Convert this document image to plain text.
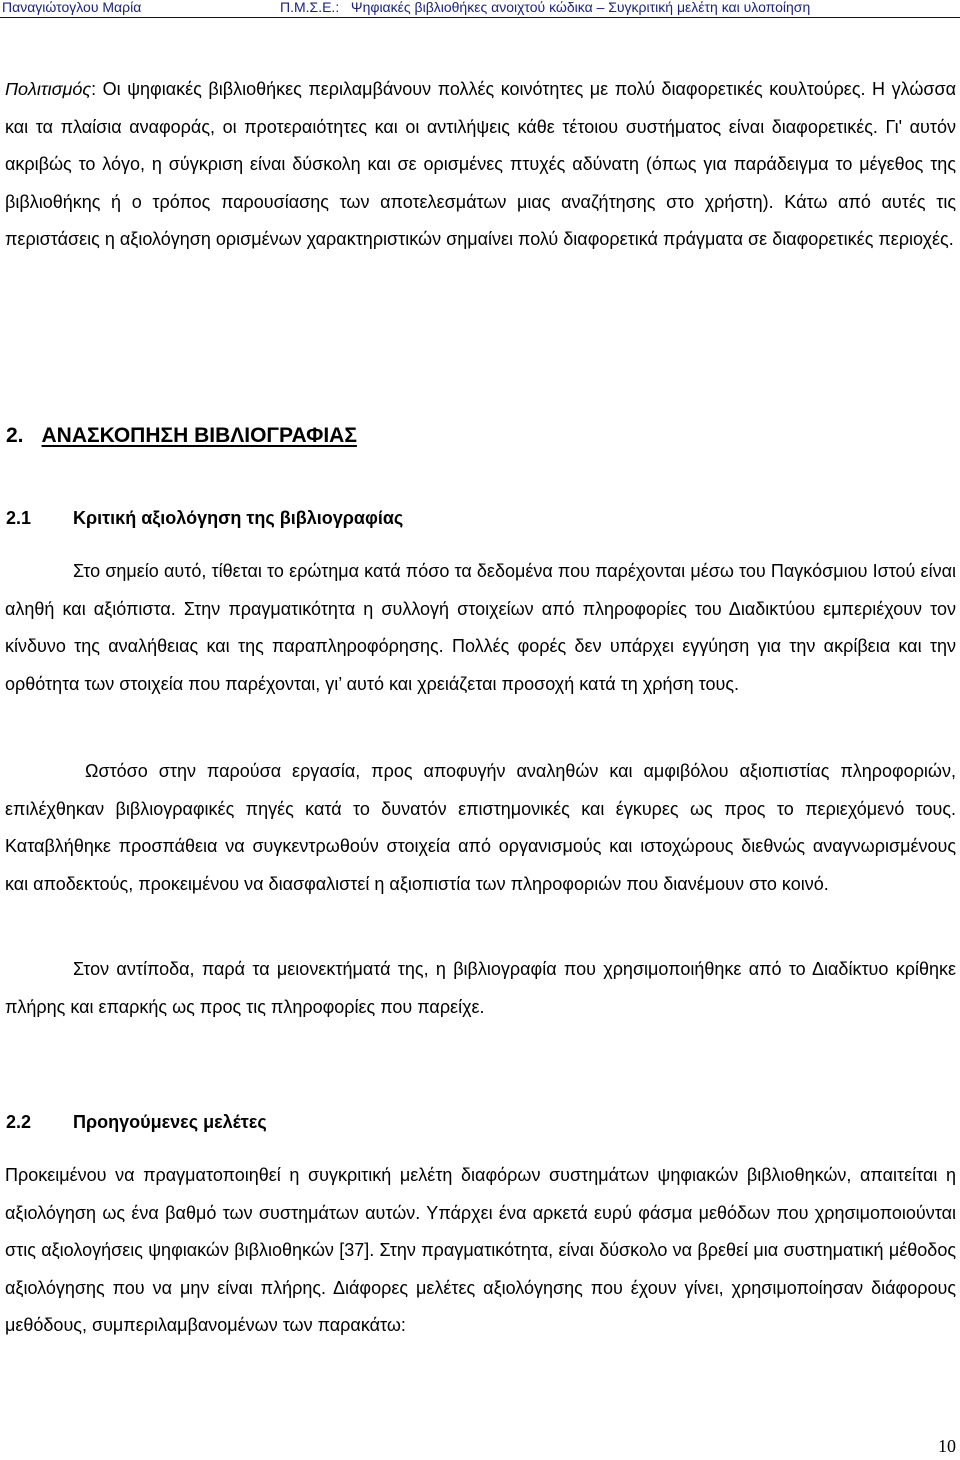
Παναγιώτογλου Μαρία	Π.Μ.Σ.Ε.: Ψηφιακές βιβλιοθήκες ανοιχτού κώδικα – Συγκριτική μελέτη και υλοποίηση

Πολιτισμός: Οι ψηφιακές βιβλιοθήκες περιλαμβάνουν πολλές κοινότητες με πολύ διαφορετικές κουλτούρες. Η γλώσσα και τα πλαίσια αναφοράς, οι προτεραιότητες και οι αντιλήψεις κάθε τέτοιου συστήματος είναι διαφορετικές. Γι' αυτόν ακριβώς το λόγο, η σύγκριση είναι δύσκολη και σε ορισμένες πτυχές αδύνατη (όπως για παράδειγμα το μέγεθος της βιβλιοθήκης ή ο τρόπος παρουσίασης των αποτελεσμάτων μιας αναζήτησης στο χρήστη). Κάτω από αυτές τις περιστάσεις η αξιολόγηση ορισμένων χαρακτηριστικών σημαίνει πολύ διαφορετικά πράγματα σε διαφορετικές περιοχές.

2. ΑΝΑΣΚΟΠΗΣΗ ΒΙΒΛΙΟΓΡΑΦΙΑΣ
2.1 Κριτική αξιολόγηση της βιβλιογραφίας

Στο σημείο αυτό, τίθεται το ερώτημα κατά πόσο τα δεδομένα που παρέχονται μέσω του Παγκόσμιου Ιστού είναι αληθή και αξιόπιστα. Στην πραγματικότητα η συλλογή στοιχείων από πληροφορίες του Διαδικτύου εμπεριέχουν τον κίνδυνο της αναλήθειας και της παραπληροφόρησης. Πολλές φορές δεν υπάρχει εγγύηση για την ακρίβεια και την ορθότητα των στοιχεία που παρέχονται, γι’ αυτό και χρειάζεται προσοχή κατά τη χρήση τους.

Ωστόσο στην παρούσα εργασία, προς αποφυγήν αναληθών και αμφιβόλου αξιοπιστίας πληροφοριών, επιλέχθηκαν βιβλιογραφικές πηγές κατά το δυνατόν επιστημονικές και έγκυρες ως προς το περιεχόμενό τους. Καταβλήθηκε προσπάθεια να συγκεντρωθούν στοιχεία από οργανισμούς και ιστοχώρους διεθνώς αναγνωρισμένους και αποδεκτούς, προκειμένου να διασφαλιστεί η αξιοπιστία των πληροφοριών που διανέμουν στο κοινό.

Στον αντίποδα, παρά τα μειονεκτήματά της, η βιβλιογραφία που χρησιμοποιήθηκε από το Διαδίκτυο κρίθηκε πλήρης και επαρκής ως προς τις πληροφορίες που παρείχε.

2.2 Προηγούμενες μελέτες

Προκειμένου να πραγματοποιηθεί η συγκριτική μελέτη διαφόρων συστημάτων ψηφιακών βιβλιοθηκών, απαιτείται η αξιολόγηση ως ένα βαθμό των συστημάτων αυτών. Υπάρχει ένα αρκετά ευρύ φάσμα μεθόδων που χρησιμοποιούνται στις αξιολογήσεις ψηφιακών βιβλιοθηκών [37]. Στην πραγματικότητα, είναι δύσκολο να βρεθεί μια συστηματική μέθοδος αξιολόγησης που να μην είναι πλήρης. Διάφορες μελέτες αξιολόγησης που έχουν γίνει, χρησιμοποίησαν διάφορους μεθόδους, συμπεριλαμβανομένων των παρακάτω:

10
